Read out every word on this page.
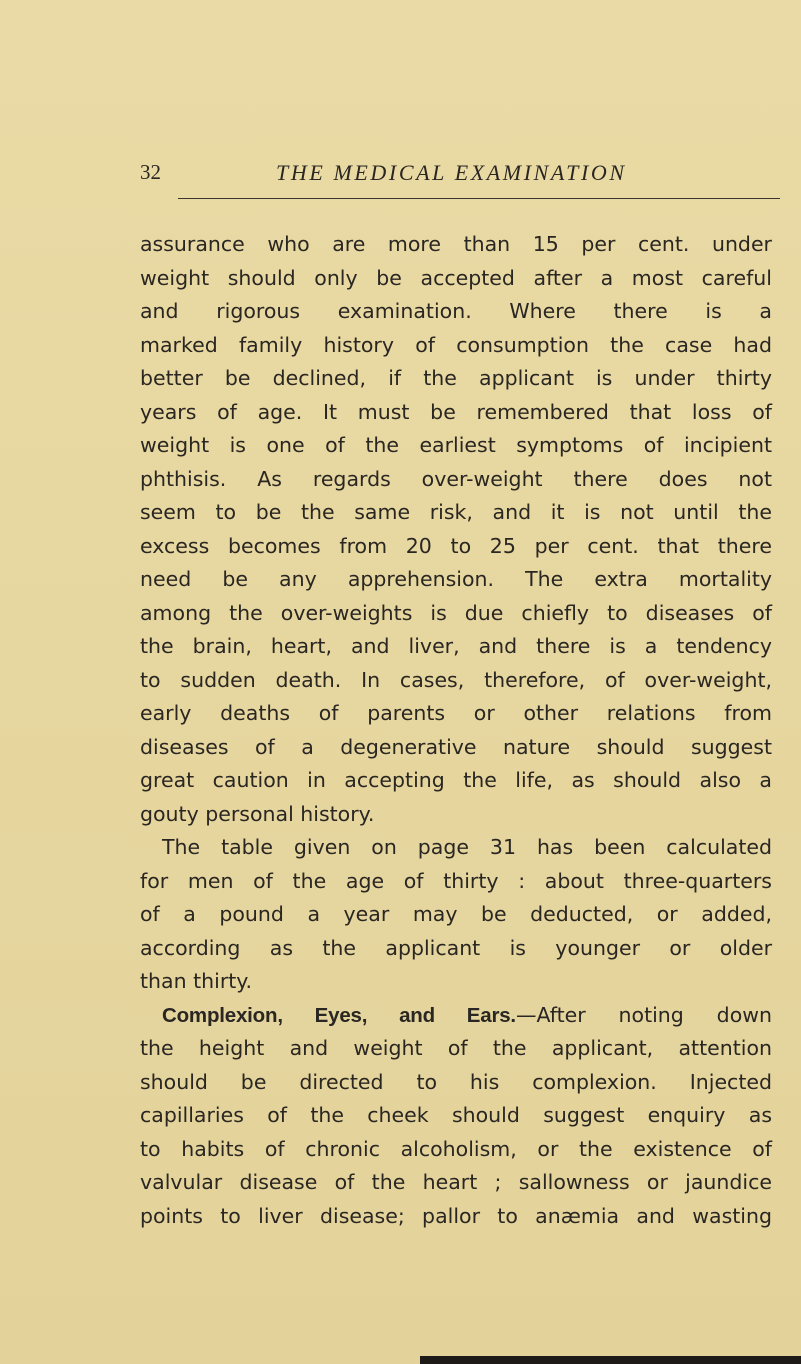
32	THE MEDICAL EXAMINATION
assurance who are more than 15 per cent. under
weight should only be accepted after a most careful
and rigorous examination. Where there is a
marked family history of consumption the case had
better be declined, if the applicant is under thirty
years of age. It must be remembered that loss of
weight is one of the earliest symptoms of incipient
phthisis. As regards over-weight there does not
seem to be the same risk, and it is not until the
excess becomes from 20 to 25 per cent. that there
need be any apprehension. The extra mortality
among the over-weights is due chiefly to diseases of
the brain, heart, and liver, and there is a tendency
to sudden death. In cases, therefore, of over-weight,
early deaths of parents or other relations from
diseases of a degenerative nature should suggest
great caution in accepting the life, as should also a
gouty personal history.
The table given on page 31 has been calculated
for men of the age of thirty : about three-quarters
of a pound a year may be deducted, or added,
according as the applicant is younger or older
than thirty.
Complexion, Eyes, and Ears.—After noting down
the height and weight of the applicant, attention
should be directed to his complexion. Injected
capillaries of the cheek should suggest enquiry as
to habits of chronic alcoholism, or the existence of
valvular disease of the heart ; sallowness or jaundice
points to liver disease; pallor to anæmia and wasting
